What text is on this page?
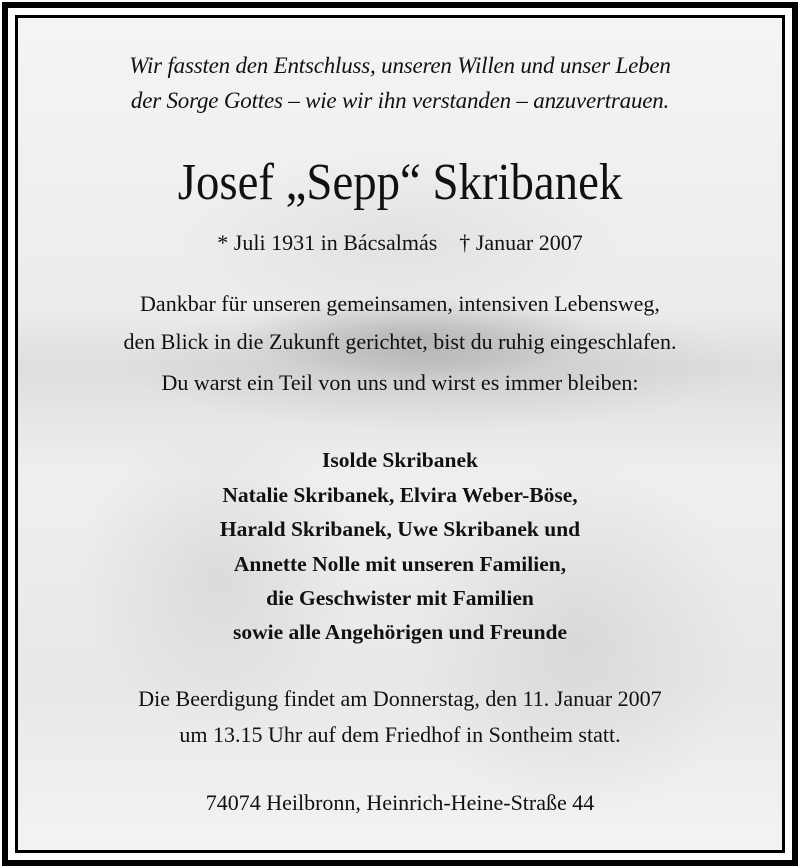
Wir fassten den Entschluss, unseren Willen und unser Leben
der Sorge Gottes – wie wir ihn verstanden – anzuvertrauen.
Josef „Sepp“ Skribanek
* Juli 1931 in Bácsalmás † Januar 2007
Dankbar für unseren gemeinsamen, intensiven Lebensweg,
den Blick in die Zukunft gerichtet, bist du ruhig eingeschlafen.
Du warst ein Teil von uns und wirst es immer bleiben:
Isolde Skribanek
Natalie Skribanek, Elvira Weber-Böse,
Harald Skribanek, Uwe Skribanek und
Annette Nolle mit unseren Familien,
die Geschwister mit Familien
sowie alle Angehörigen und Freunde
Die Beerdigung findet am Donnerstag, den 11. Januar 2007
um 13.15 Uhr auf dem Friedhof in Sontheim statt.
74074 Heilbronn, Heinrich-Heine-Straße 44
